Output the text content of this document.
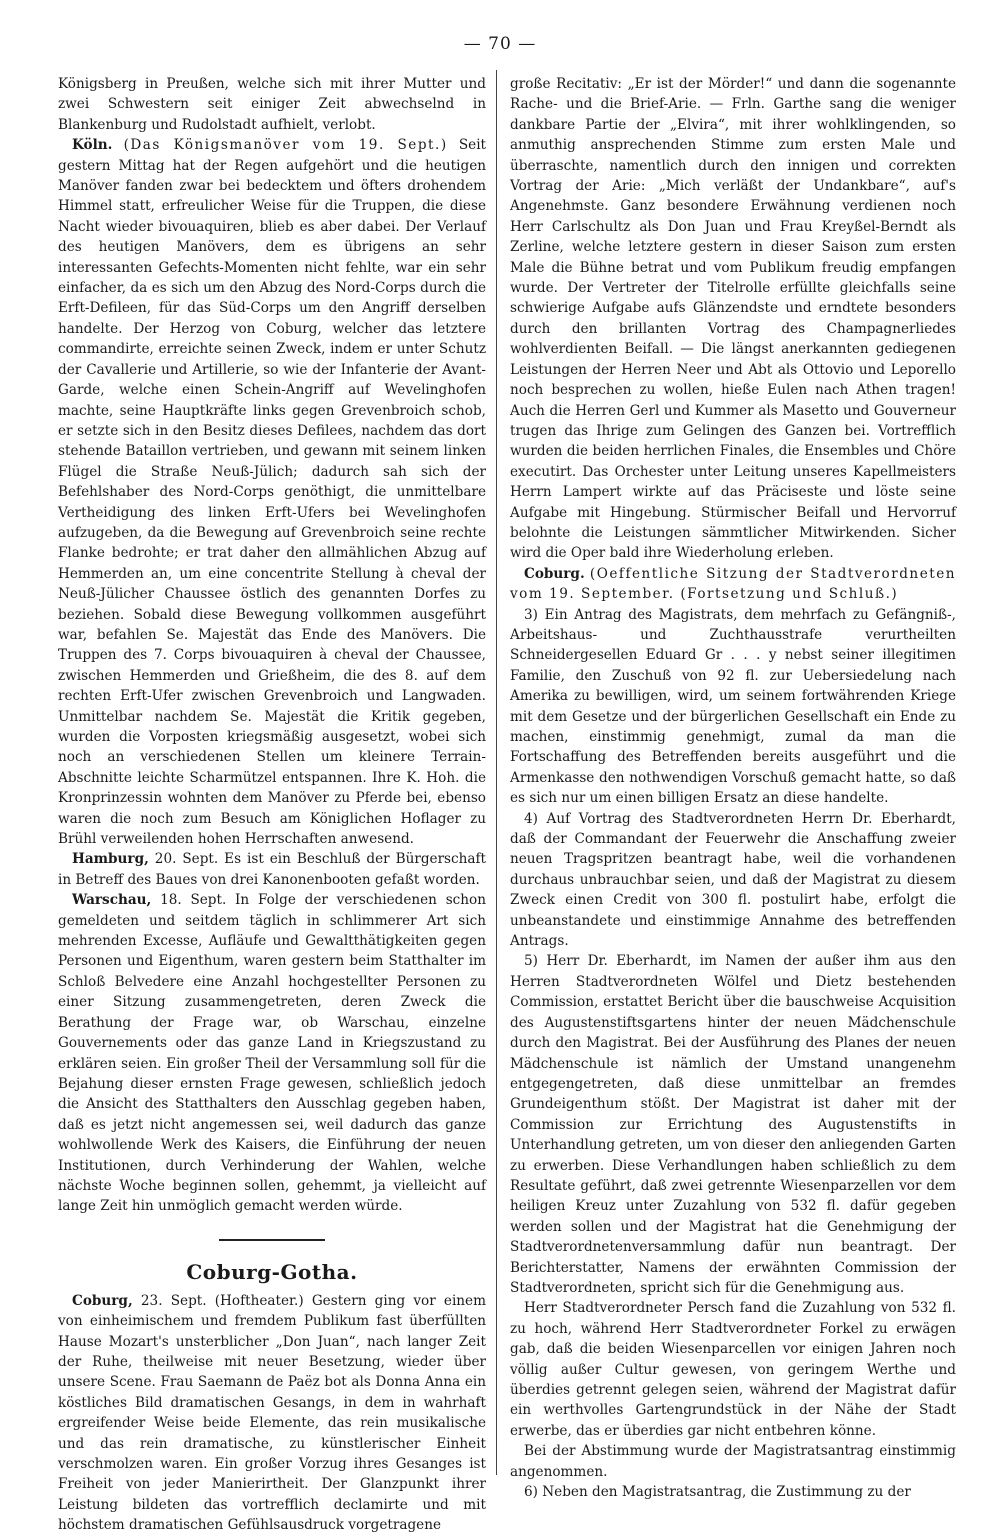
— 70 —

Königsberg in Preußen, welche sich mit ihrer Mutter und zwei Schwestern seit einiger Zeit abwechselnd in Blankenburg und Rudolstadt aufhielt, verlobt.

Köln. (Das Königsmanöver vom 19. Sept.) Seit gestern Mittag hat der Regen aufgehört und die heutigen Manöver fanden zwar bei bedecktem und öfters drohendem Himmel statt, erfreulicher Weise für die Truppen, die diese Nacht wieder bivouaquiren, blieb es aber dabei. Der Verlauf des heutigen Manövers, dem es übrigens an sehr interessanten Gefechts-Momenten nicht fehlte, war ein sehr einfacher, da es sich um den Abzug des Nord-Corps durch die Erft-Defileen, für das Süd-Corps um den Angriff derselben handelte. Der Herzog von Coburg, welcher das letztere commandirte, erreichte seinen Zweck, indem er unter Schutz der Cavallerie und Artillerie, so wie der Infanterie der Avant-Garde, welche einen Schein-Angriff auf Wevelinghofen machte, seine Hauptkräfte links gegen Grevenbroich schob, er setzte sich in den Besitz dieses Defilees, nachdem das dort stehende Bataillon vertrieben, und gewann mit seinem linken Flügel die Straße Neuß-Jülich; dadurch sah sich der Befehlshaber des Nord-Corps genöthigt, die unmittelbare Vertheidigung des linken Erft-Ufers bei Wevelinghofen aufzugeben, da die Bewegung auf Grevenbroich seine rechte Flanke bedrohte; er trat daher den allmählichen Abzug auf Hemmerden an, um eine concentrite Stellung à cheval der Neuß-Jülicher Chaussee östlich des genannten Dorfes zu beziehen. Sobald diese Bewegung vollkommen ausgeführt war, befahlen Se. Majestät das Ende des Manövers. Die Truppen des 7. Corps bivouaquiren à cheval der Chaussee, zwischen Hemmerden und Grießheim, die des 8. auf dem rechten Erft-Ufer zwischen Grevenbroich und Langwaden. Unmittelbar nachdem Se. Majestät die Kritik gegeben, wurden die Vorposten kriegsmäßig ausgesetzt, wobei sich noch an verschiedenen Stellen um kleinere Terrain-Abschnitte leichte Scharmützel entspannen. Ihre K. Hoh. die Kronprinzessin wohnten dem Manöver zu Pferde bei, ebenso waren die noch zum Besuch am Königlichen Hoflager zu Brühl verweilenden hohen Herrschaften anwesend.

Hamburg, 20. Sept. Es ist ein Beschluß der Bürgerschaft in Betreff des Baues von drei Kanonenbooten gefaßt worden.

Warschau, 18. Sept. In Folge der verschiedenen schon gemeldeten und seitdem täglich in schlimmerer Art sich mehrenden Excesse, Aufläufe und Gewaltthätigkeiten gegen Personen und Eigenthum, waren gestern beim Statthalter im Schloß Belvedere eine Anzahl hochgestellter Personen zu einer Sitzung zusammengetreten, deren Zweck die Berathung der Frage war, ob Warschau, einzelne Gouvernements oder das ganze Land in Kriegszustand zu erklären seien. Ein großer Theil der Versammlung soll für die Bejahung dieser ernsten Frage gewesen, schließlich jedoch die Ansicht des Statthalters den Ausschlag gegeben haben, daß es jetzt nicht angemessen sei, weil dadurch das ganze wohlwollende Werk des Kaisers, die Einführung der neuen Institutionen, durch Verhinderung der Wahlen, welche nächste Woche beginnen sollen, gehemmt, ja vielleicht auf lange Zeit hin unmöglich gemacht werden würde.

Coburg-Gotha.

Coburg, 23. Sept. (Hoftheater.) Gestern ging vor einem von einheimischem und fremdem Publikum fast überfüllten Hause Mozart's unsterblicher „Don Juan“, nach langer Zeit der Ruhe, theilweise mit neuer Besetzung, wieder über unsere Scene. Frau Saemann de Paëz bot als Donna Anna ein köstliches Bild dramatischen Gesangs, in dem in wahrhaft ergreifender Weise beide Elemente, das rein musikalische und das rein dramatische, zu künstlerischer Einheit verschmolzen waren. Ein großer Vorzug ihres Gesanges ist Freiheit von jeder Manierirtheit. Der Glanzpunkt ihrer Leistung bildeten das vortrefflich declamirte und mit höchstem dramatischen Gefühlsausdruck vorgetragene

große Recitativ: „Er ist der Mörder!“ und dann die sogenannte Rache- und die Brief-Arie. — Frln. Garthe sang die weniger dankbare Partie der „Elvira“, mit ihrer wohlklingenden, so anmuthig ansprechenden Stimme zum ersten Male und überraschte, namentlich durch den innigen und correkten Vortrag der Arie: „Mich verläßt der Undankbare“, auf's Angenehmste. Ganz besondere Erwähnung verdienen noch Herr Carlschultz als Don Juan und Frau Kreyßel-Berndt als Zerline, welche letztere gestern in dieser Saison zum ersten Male die Bühne betrat und vom Publikum freudig empfangen wurde. Der Vertreter der Titelrolle erfüllte gleichfalls seine schwierige Aufgabe aufs Glänzendste und erndtete besonders durch den brillanten Vortrag des Champagnerliedes wohlverdienten Beifall. — Die längst anerkannten gediegenen Leistungen der Herren Neer und Abt als Ottovio und Leporello noch besprechen zu wollen, hieße Eulen nach Athen tragen! Auch die Herren Gerl und Kummer als Masetto und Gouverneur trugen das Ihrige zum Gelingen des Ganzen bei. Vortrefflich wurden die beiden herrlichen Finales, die Ensembles und Chöre executirt. Das Orchester unter Leitung unseres Kapellmeisters Herrn Lampert wirkte auf das Präciseste und löste seine Aufgabe mit Hingebung. Stürmischer Beifall und Hervorruf belohnte die Leistungen sämmtlicher Mitwirkenden. Sicher wird die Oper bald ihre Wiederholung erleben.

Coburg. (Oeffentliche Sitzung der Stadtverordneten vom 19. September. (Fortsetzung und Schluß.)

3) Ein Antrag des Magistrats, dem mehrfach zu Gefängniß-, Arbeitshaus- und Zuchthausstrafe verurtheilten Schneidergesellen Eduard Gr . . . y nebst seiner illegitimen Familie, den Zuschuß von 92 fl. zur Uebersiedelung nach Amerika zu bewilligen, wird, um seinem fortwährenden Kriege mit dem Gesetze und der bürgerlichen Gesellschaft ein Ende zu machen, einstimmig genehmigt, zumal da man die Fortschaffung des Betreffenden bereits ausgeführt und die Armenkasse den nothwendigen Vorschuß gemacht hatte, so daß es sich nur um einen billigen Ersatz an diese handelte.

4) Auf Vortrag des Stadtverordneten Herrn Dr. Eberhardt, daß der Commandant der Feuerwehr die Anschaffung zweier neuen Tragspritzen beantragt habe, weil die vorhandenen durchaus unbrauchbar seien, und daß der Magistrat zu diesem Zweck einen Credit von 300 fl. postulirt habe, erfolgt die unbeanstandete und einstimmige Annahme des betreffenden Antrags.

5) Herr Dr. Eberhardt, im Namen der außer ihm aus den Herren Stadtverordneten Wölfel und Dietz bestehenden Commission, erstattet Bericht über die bauschweise Acquisition des Augustenstiftsgartens hinter der neuen Mädchenschule durch den Magistrat. Bei der Ausführung des Planes der neuen Mädchenschule ist nämlich der Umstand unangenehm entgegengetreten, daß diese unmittelbar an fremdes Grundeigenthum stößt. Der Magistrat ist daher mit der Commission zur Errichtung des Augustenstifts in Unterhandlung getreten, um von dieser den anliegenden Garten zu erwerben. Diese Verhandlungen haben schließlich zu dem Resultate geführt, daß zwei getrennte Wiesenparzellen vor dem heiligen Kreuz unter Zuzahlung von 532 fl. dafür gegeben werden sollen und der Magistrat hat die Genehmigung der Stadtverordnetenversammlung dafür nun beantragt. Der Berichterstatter, Namens der erwähnten Commission der Stadtverordneten, spricht sich für die Genehmigung aus.

Herr Stadtverordneter Persch fand die Zuzahlung von 532 fl. zu hoch, während Herr Stadtverordneter Forkel zu erwägen gab, daß die beiden Wiesenparcellen vor einigen Jahren noch völlig außer Cultur gewesen, von geringem Werthe und überdies getrennt gelegen seien, während der Magistrat dafür ein werthvolles Gartengrundstück in der Nähe der Stadt erwerbe, das er überdies gar nicht entbehren könne.

Bei der Abstimmung wurde der Magistratsantrag einstimmig angenommen.

6) Neben den Magistratsantrag, die Zustimmung zu der
